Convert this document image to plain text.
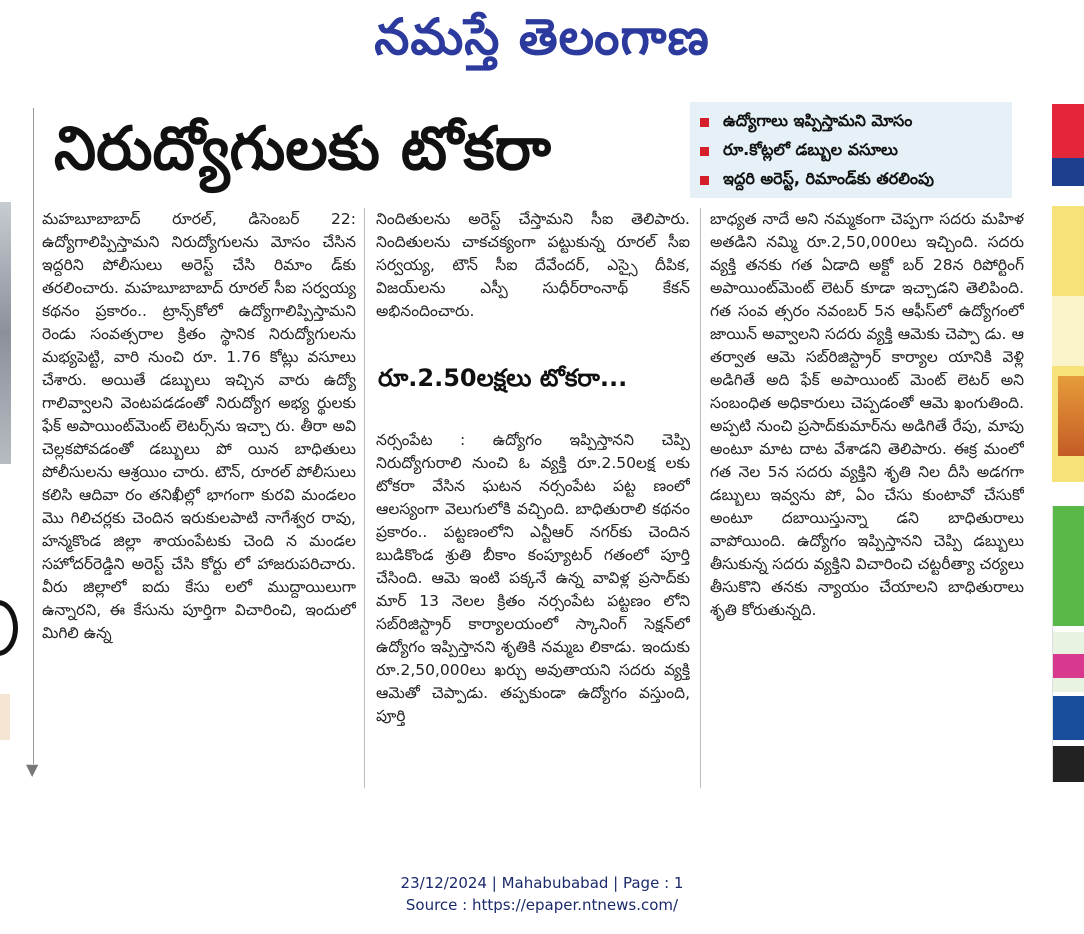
నమస్తే తెలంగాణ
▼
నిరుద్యోగులకు టోకరా	ఉద్యోగాలు ఇప్పిస్తామని మోసం
రూ.కోట్లలో డబ్బుల వసూలు
ఇద్దరి అరెస్ట్, రిమాండ్‌కు తరలింపు
మహబూబాబాద్ రూరల్, డిసెంబర్ 22: ఉద్యోగాలిప్పిస్తామని నిరుద్యోగులను మోసం చేసిన ఇద్దరిని పోలీసులు అరెస్ట్ చేసి రిమాం డ్‌కు తరలించారు. మహబూబాబాద్ రూరల్ సీఐ సర్వయ్య కథనం ప్రకారం.. ట్రాన్స్‌కోలో ఉద్యోగాలిప్పిస్తామని రెండు సంవత్సరాల క్రితం స్థానిక నిరుద్యోగులను మభ్యపెట్టి, వారి నుంచి రూ. 1.76 కోట్లు వసూలు చేశారు. అయితే డబ్బులు ఇచ్చిన వారు ఉద్యో గాలివ్వాలని వెంటపడడంతో నిరుద్యోగ అభ్య ర్థులకు ఫేక్ అపాయింట్‌మెంట్ లెటర్స్‌ను ఇచ్చా రు. తీరా అవి చెల్లకపోవడంతో డబ్బులు పో యిన బాధితులు పోలీసులను ఆశ్రయిం చారు. టౌన్, రూరల్ పోలీసులు కలిసి ఆదివా రం తనిఖీల్లో భాగంగా కురవి మండలం మొ గిలిచర్లకు చెందిన ఇరుకులపాటి నాగేశ్వర రావు, హన్మకొండ జిల్లా శాయంపేటకు చెంది న మండల సహోదర్‌రెడ్డిని అరెస్ట్ చేసి కోర్టు లో హాజరుపరిచారు. వీరు జిల్లాలో ఐదు కేసు లలో ముద్దాయిలుగా ఉన్నారని, ఈ కేసును పూర్తిగా విచారించి, ఇందులో మిగిలి ఉన్న
నిందితులను అరెస్ట్ చేస్తామని సీఐ తెలిపారు. నిందితులను చాకచక్యంగా పట్టుకున్న రూరల్ సీఐ సర్వయ్య, టౌన్ సీఐ దేవేందర్, ఎస్సై దీపిక, విజయ్‌లను ఎస్పీ సుధీర్‌రాంనాథ్ కేకన్ అభినందించారు.
రూ.2.50లక్షలు టోకరా...
నర్సంపేట : ఉద్యోగం ఇప్పిస్తానని చెప్పి నిరుద్యోగురాలి నుంచి ఓ వ్యక్తి రూ.2.50లక్ష లకు టోకరా వేసిన ఘటన నర్సంపేట పట్ట ణంలో ఆలస్యంగా వెలుగులోకి వచ్చింది. బాధితురాలి కథనం ప్రకారం.. పట్టణంలోని ఎన్టీఆర్ నగర్‌కు చెందిన బుడికొండ శ్రుతి బీకాం కంప్యూటర్ గతంలో పూర్తి చేసింది. ఆమె ఇంటి పక్కనే ఉన్న వావిళ్ల ప్రసాద్‌కు మార్ 13 నెలల క్రితం నర్సంపేట పట్టణం లోని సబ్‌రిజిస్ట్రార్ కార్యాలయంలో స్కానింగ్ సెక్షన్‌లో ఉద్యోగం ఇప్పిస్తానని శృతికి నమ్మబ లికాడు. ఇందుకు రూ.2,50,000లు ఖర్చు అవుతాయని సదరు వ్యక్తి ఆమెతో చెప్పాడు. తప్పకుండా ఉద్యోగం వస్తుంది, పూర్తి
బాధ్యత నాదే అని నమ్మకంగా చెప్పగా సదరు మహిళ అతడిని నమ్మి రూ.2,50,000లు ఇచ్చింది. సదరు వ్యక్తి తనకు గత ఏడాది అక్టో బర్ 28న రిపోర్టింగ్ అపాయింట్‌మెంట్ లెటర్ కూడా ఇచ్చాడని తెలిపింది. గత సంవ త్సరం నవంబర్ 5న ఆఫీస్‌లో ఉద్యోగంలో జాయిన్ అవ్వాలని సదరు వ్యక్తి ఆమెకు చెప్పా డు. ఆ తర్వాత ఆమె సబ్‌రిజిస్ట్రార్ కార్యాల యానికి వెళ్లి అడిగితే అది ఫేక్ అపాయింట్ మెంట్ లెటర్ అని సంబంధిత అధికారులు చెప్పడంతో ఆమె ఖంగుతింది. అప్పటి నుంచి ప్రసాద్‌కుమార్‌ను అడిగితే రేపు, మాపు అంటూ మాట దాట వేశాడని తెలిపారు. ఈక్ర మంలో గత నెల 5న సదరు వ్యక్తిని శృతి నిల దీసి అడగగా డబ్బులు ఇవ్వను పో, ఏం చేసు కుంటావో చేసుకో అంటూ దబాయిస్తున్నా డని బాధితురాలు వాపోయింది. ఉద్యోగం ఇప్పిస్తానని చెప్పి డబ్బులు తీసుకున్న సదరు వ్యక్తిని విచారించి చట్టరీత్యా చర్యలు తీసుకొని తనకు న్యాయం చేయాలని బాధితురాలు శృతి కోరుతున్నది.
23/12/2024 | Mahabubabad | Page : 1
Source : https://epaper.ntnews.com/
